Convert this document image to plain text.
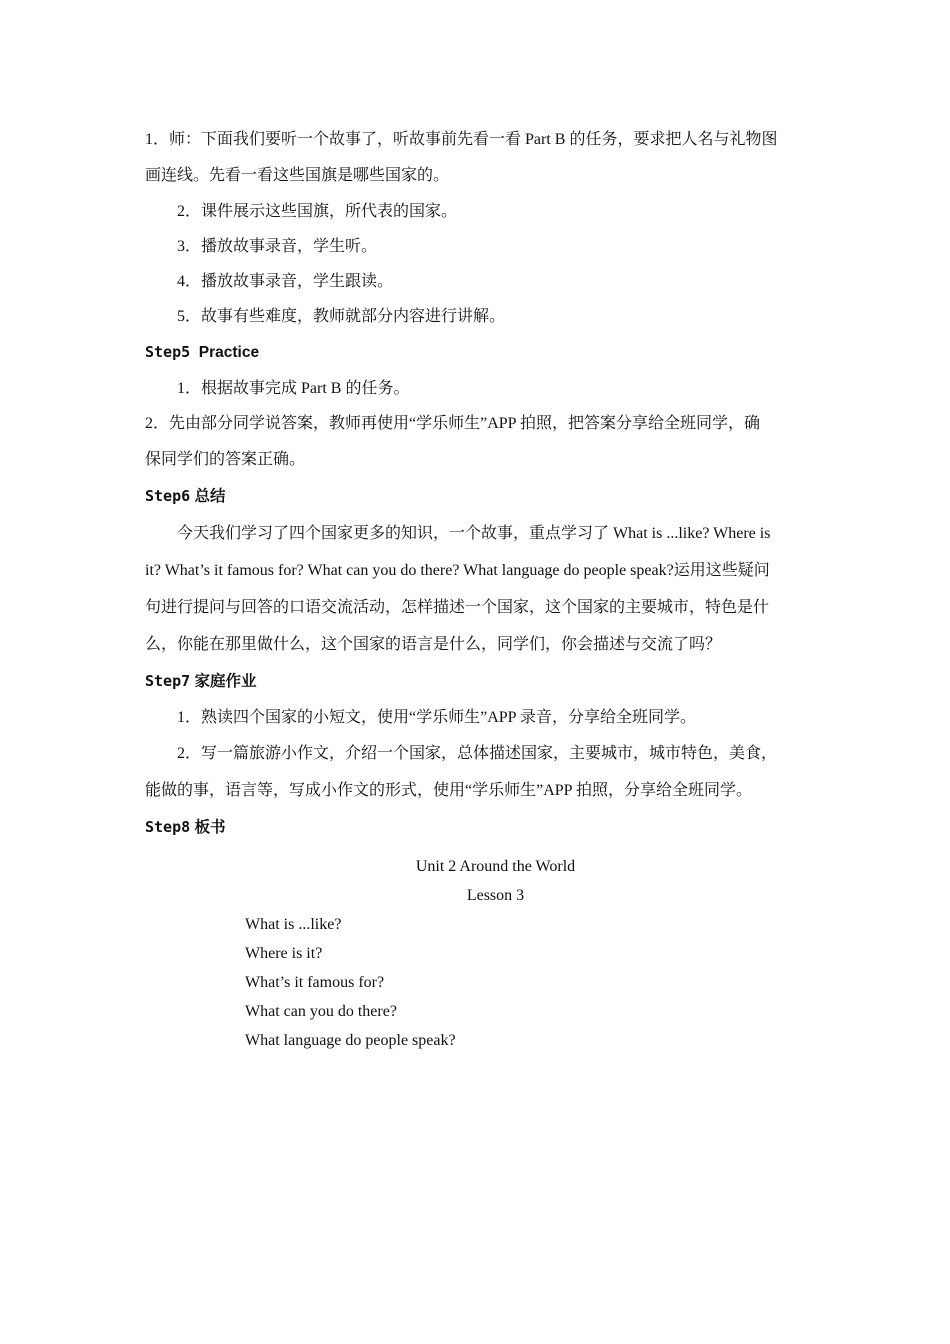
1．师：下面我们要听一个故事了，听故事前先看一看 Part B 的任务，要求把人名与礼物图

画连线。先看一看这些国旗是哪些国家的。

2．课件展示这些国旗，所代表的国家。

3．播放故事录音，学生听。

4．播放故事录音，学生跟读。

5．故事有些难度，教师就部分内容进行讲解。

Step5 Practice

1．根据故事完成 Part B 的任务。

2．先由部分同学说答案，教师再使用“学乐师生”APP 拍照，把答案分享给全班同学，确

保同学们的答案正确。

Step6 总结

今天我们学习了四个国家更多的知识，一个故事，重点学习了 What is ...like? Where is

it? What’s it famous for? What can you do there? What language do people speak?运用这些疑问

句进行提问与回答的口语交流活动，怎样描述一个国家，这个国家的主要城市，特色是什

么，你能在那里做什么，这个国家的语言是什么，同学们，你会描述与交流了吗？

Step7 家庭作业

1．熟读四个国家的小短文，使用“学乐师生”APP 录音，分享给全班同学。

2．写一篇旅游小作文，介绍一个国家，总体描述国家，主要城市，城市特色，美食，

能做的事，语言等，写成小作文的形式，使用“学乐师生”APP 拍照，分享给全班同学。

Step8 板书
Unit 2 Around the World
Lesson 3
What is ...like?
Where is it?
What’s it famous for?
What can you do there?
What language do people speak?
